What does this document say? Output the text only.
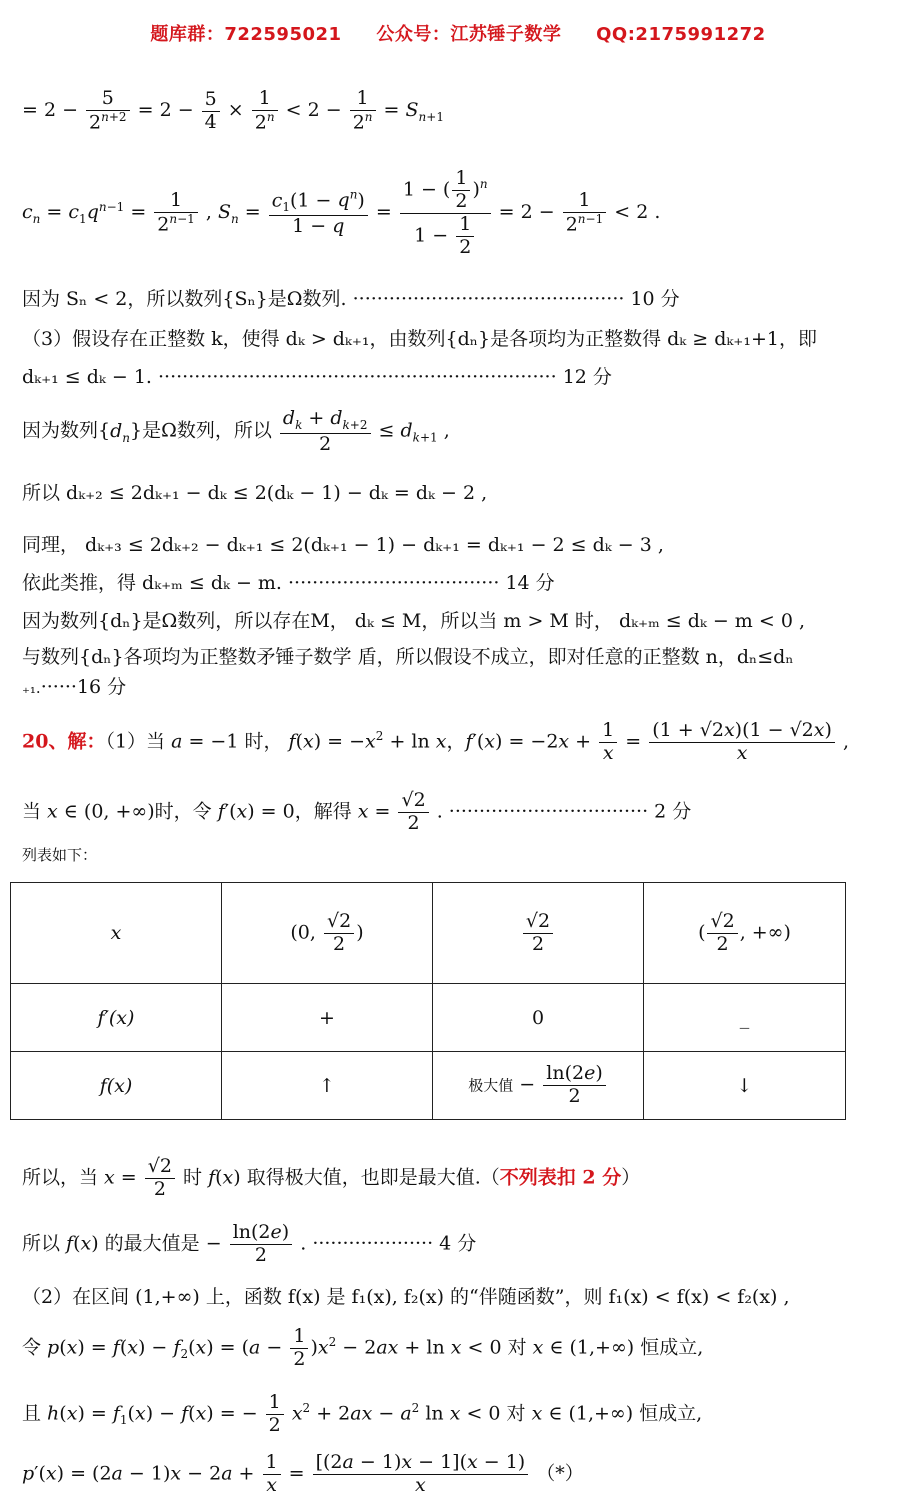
题库群：722595021 公众号：江苏锤子数学 QQ:2175991272
= $2 - \frac{5}{2^{n+2}} = 2 - \frac{5}{4} \times \frac{1}{2^n} < 2 - \frac{1}{2^n} = S_{n+1}$
$c_n = c_1q^{n-1} = \frac{1}{2^{n-1}}$ , $S_n = \frac{c_1(1 - q^n)}{1 - q} = \frac{1 - ( \frac{1}{2} )^n}{1 - \frac{1}{2}} = 2 - \frac{1}{2^{n-1}} < 2$ .
因为 Sₙ < 2，所以数列{Sₙ}是Ω数列. ············································· 10 分
（3）假设存在正整数 k，使得 dₖ > dₖ₊₁，由数列{dₙ}是各项均为正整数得 dₖ ≥ dₖ₊₁+1，即
dₖ₊₁ ≤ dₖ − 1. ·································································· 12 分
因为数列$\{d_n\}$是Ω数列，所以 $\frac{d_k + d_{k+2}}{2} \le d_{k+1}$ ,
所以 dₖ₊₂ ≤ 2dₖ₊₁ − dₖ ≤ 2(dₖ − 1) − dₖ = dₖ − 2 ,
同理， dₖ₊₃ ≤ 2dₖ₊₂ − dₖ₊₁ ≤ 2(dₖ₊₁ − 1) − dₖ₊₁ = dₖ₊₁ − 2 ≤ dₖ − 3 ,
依此类推，得 dₖ₊ₘ ≤ dₖ − m. ··································· 14 分
因为数列{dₙ}是Ω数列，所以存在M， dₖ ≤ M，所以当 m > M 时， dₖ₊ₘ ≤ dₖ − m < 0 ,
与数列{dₙ}各项均为正整数矛锤子数学 盾，所以假设不成立，即对任意的正整数 n，dₙ≤dₙ
₊₁.······16 分
20、解：（1）当 a = −1 时， $f(x) = -x^2 + \ln x$，$f'(x) = -2x + \frac{1}{x} = \frac{(1 + √2x)(1 - √2x)}{x}$ ,
当 x ∈ (0, +∞)时，令 f′(x) = 0，解得 $x = \frac{√2}{2}$ . ································· 2 分
列表如下：
x	(0, $\frac{√2}{2}$ )	$\frac{√2}{2}$	( $\frac{√2}{2}$ , +∞)
f′(x)	+	0	_
f(x)	↑	极大值 − $\frac{\ln(2e)}{2}$	↓
所以，当 $x = \frac{√2}{2}$ 时 f(x) 取得极大值，也即是最大值.（不列表扣 2 分）
所以 f(x) 的最大值是 − $\frac{\ln(2e)}{2}$ . ···················· 4 分
（2）在区间 (1,+∞) 上，函数 f(x) 是 f₁(x), f₂(x) 的“伴随函数”，则 f₁(x) < f(x) < f₂(x) ,
令 $p(x) = f(x) - f_2(x) = (a - \frac{1}{2} )x^2 - 2ax + \ln x < 0$ 对 x ∈ (1,+∞) 恒成立,
且 $h(x) = f_1(x) - f(x)$ = − $\frac{1}{2} x^2 + 2ax - a^2$ ln x < 0 对 x ∈ (1,+∞) 恒成立,
$p'(x) = (2a - 1)x - 2a + \frac{1}{x} = \frac{[(2a - 1)x - 1](x - 1)}{x}$ （*）
